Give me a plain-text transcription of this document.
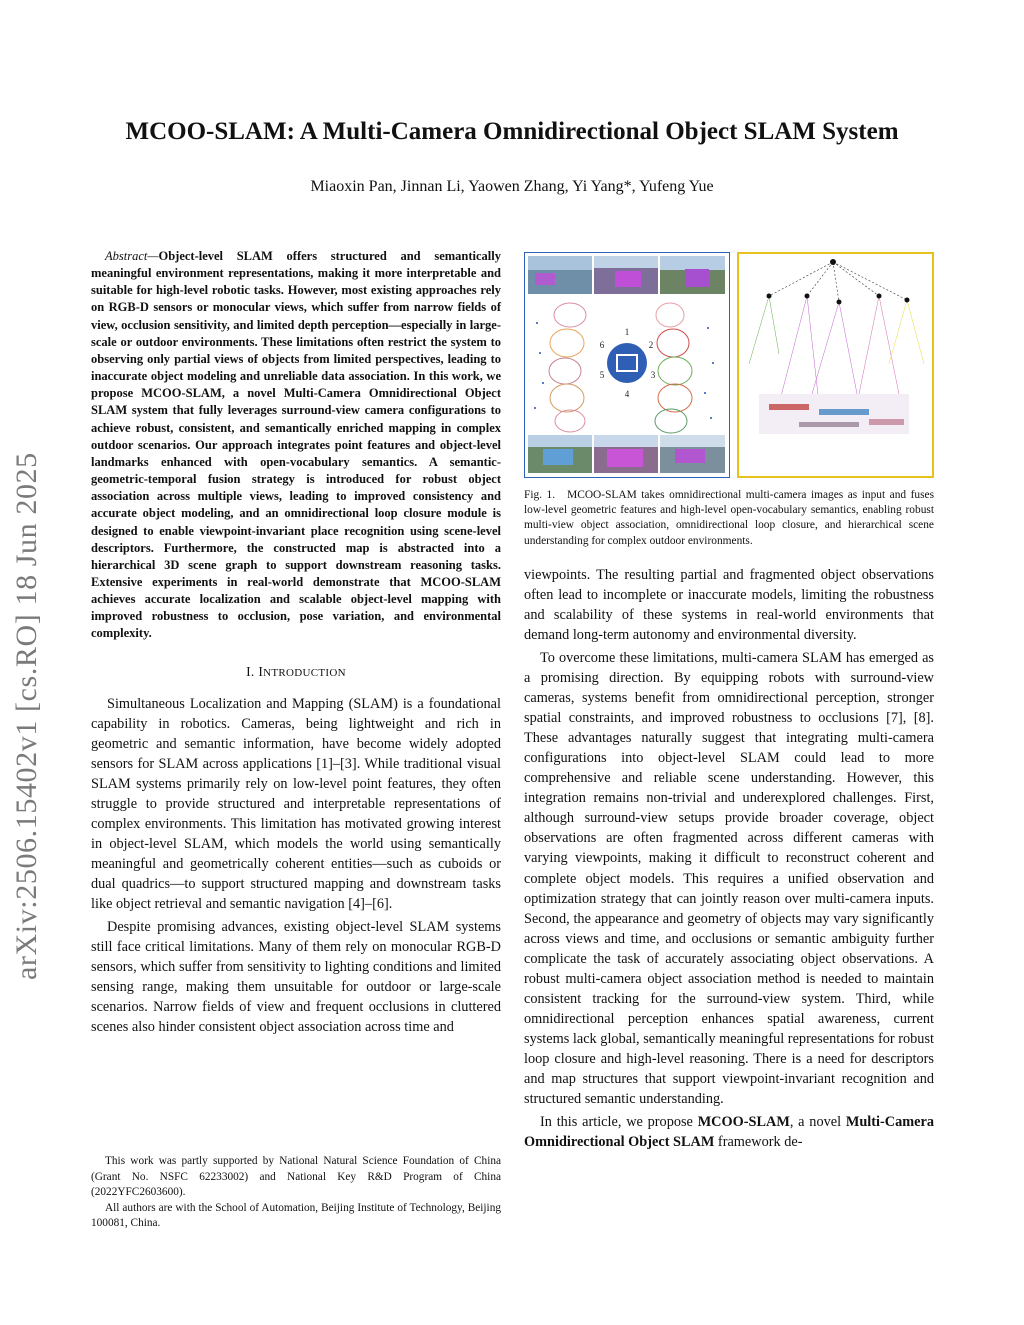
arXiv:2506.15402v1 [cs.RO] 18 Jun 2025
MCOO-SLAM: A Multi-Camera Omnidirectional Object SLAM System
Miaoxin Pan, Jinnan Li, Yaowen Zhang, Yi Yang*, Yufeng Yue

Abstract—Object-level SLAM offers structured and semantically meaningful environment representations, making it more interpretable and suitable for high-level robotic tasks. However, most existing approaches rely on RGB-D sensors or monocular views, which suffer from narrow fields of view, occlusion sensitivity, and limited depth perception—especially in large-scale or outdoor environments. These limitations often restrict the system to observing only partial views of objects from limited perspectives, leading to inaccurate object modeling and unreliable data association. In this work, we propose MCOO-SLAM, a novel Multi-Camera Omnidirectional Object SLAM system that fully leverages surround-view camera configurations to achieve robust, consistent, and semantically enriched mapping in complex outdoor scenarios. Our approach integrates point features and object-level landmarks enhanced with open-vocabulary semantics. A semantic-geometric-temporal fusion strategy is introduced for robust object association across multiple views, leading to improved consistency and accurate object modeling, and an omnidirectional loop closure module is designed to enable viewpoint-invariant place recognition using scene-level descriptors. Furthermore, the constructed map is abstracted into a hierarchical 3D scene graph to support downstream reasoning tasks. Extensive experiments in real-world demonstrate that MCOO-SLAM achieves accurate localization and scalable object-level mapping with improved robustness to occlusion, pose variation, and environmental complexity.

I. INTRODUCTION

Simultaneous Localization and Mapping (SLAM) is a foundational capability in robotics. Cameras, being lightweight and rich in geometric and semantic information, have become widely adopted sensors for SLAM across applications [1]–[3]. While traditional visual SLAM systems primarily rely on low-level point features, they often struggle to provide structured and interpretable representations of complex environments. This limitation has motivated growing interest in object-level SLAM, which models the world using semantically meaningful and geometrically coherent entities—such as cuboids or dual quadrics—to support structured mapping and downstream tasks like object retrieval and semantic navigation [4]–[6].

Despite promising advances, existing object-level SLAM systems still face critical limitations. Many of them rely on monocular RGB-D sensors, which suffer from sensitivity to lighting conditions and limited sensing range, making them unsuitable for outdoor or large-scale scenarios. Narrow fields of view and frequent occlusions in cluttered scenes also hinder consistent object association across time and

This work was partly supported by National Natural Science Foundation of China (Grant No. NSFC 62233002) and National Key R&D Program of China (2022YFC2603600).

All authors are with the School of Automation, Beijing Institute of Technology, Beijing 100081, China.

1
2
3
4
5
6
Fig. 1. MCOO-SLAM takes omnidirectional multi-camera images as input and fuses low-level geometric features and high-level open-vocabulary semantics, enabling robust multi-view object association, omnidirectional loop closure, and hierarchical scene understanding for complex outdoor environments.

viewpoints. The resulting partial and fragmented object observations often lead to incomplete or inaccurate models, limiting the robustness and scalability of these systems in real-world environments that demand long-term autonomy and environmental diversity.

To overcome these limitations, multi-camera SLAM has emerged as a promising direction. By equipping robots with surround-view cameras, systems benefit from omnidirectional perception, stronger spatial constraints, and improved robustness to occlusions [7], [8]. These advantages naturally suggest that integrating multi-camera configurations into object-level SLAM could lead to more comprehensive and reliable scene understanding. However, this integration remains non-trivial and underexplored challenges. First, although surround-view setups provide broader coverage, object observations are often fragmented across different cameras with varying viewpoints, making it difficult to reconstruct coherent and complete object models. This requires a unified observation and optimization strategy that can jointly reason over multi-camera inputs. Second, the appearance and geometry of objects may vary significantly across views and time, and occlusions or semantic ambiguity further complicate the task of accurately associating object observations. A robust multi-camera object association method is needed to maintain consistent tracking for the surround-view system. Third, while omnidirectional perception enhances spatial awareness, current systems lack global, semantically meaningful representations for robust loop closure and high-level reasoning. There is a need for descriptors and map structures that support viewpoint-invariant recognition and structured semantic understanding.

In this article, we propose MCOO-SLAM, a novel Multi-Camera Omnidirectional Object SLAM framework de-
